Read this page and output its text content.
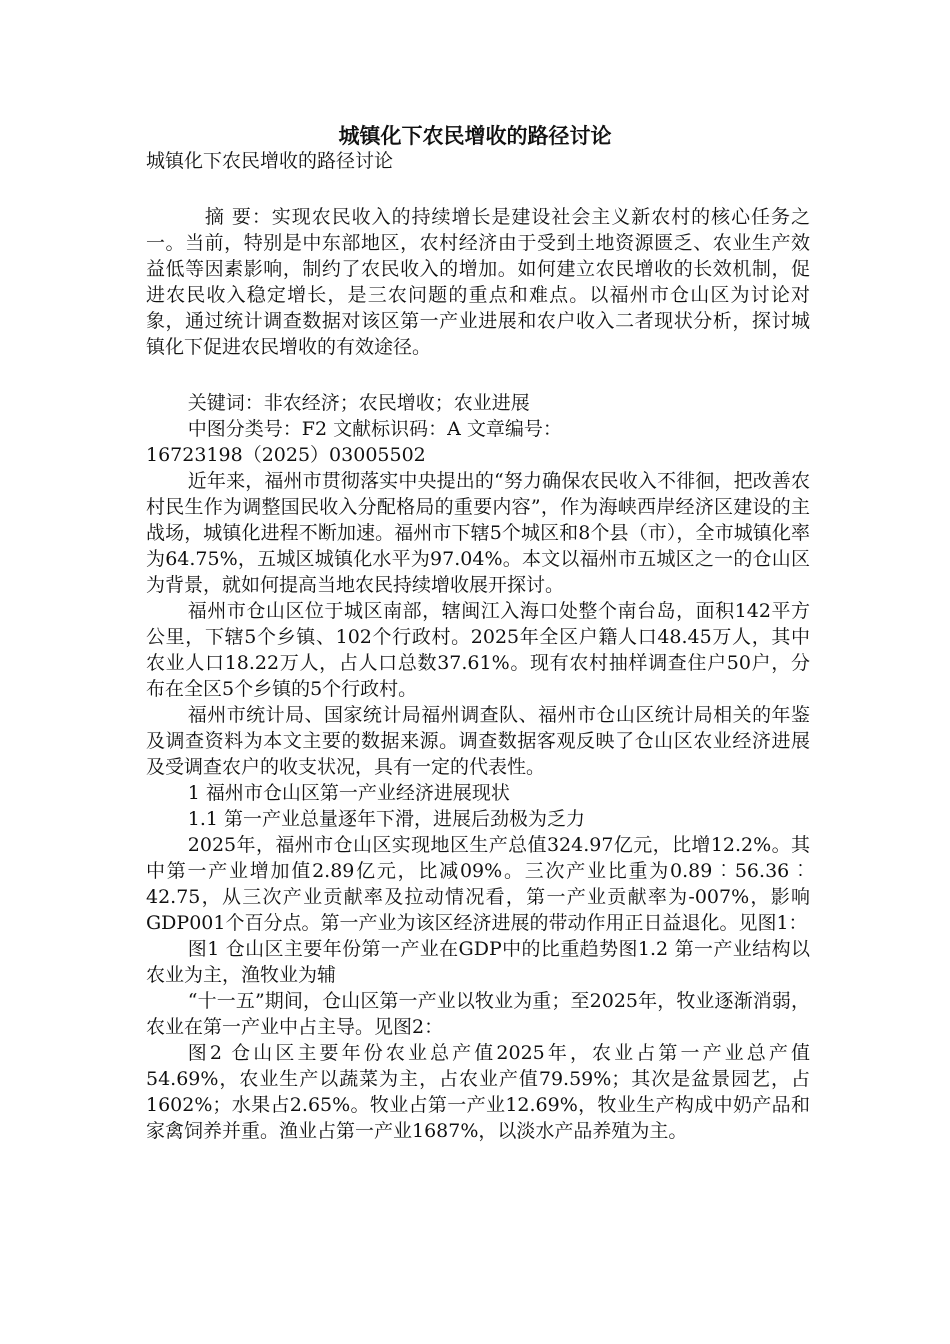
城镇化下农民增收的路径讨论

城镇化下农民增收的路径讨论

摘 要：实现农民收入的持续增长是建设社会主义新农村的核心任务之一。当前，特别是中东部地区，农村经济由于受到土地资源匮乏、农业生产效益低等因素影响，制约了农民收入的增加。如何建立农民增收的长效机制，促进农民收入稳定增长，是三农问题的重点和难点。以福州市仓山区为讨论对象，通过统计调查数据对该区第一产业进展和农户收入二者现状分析，探讨城镇化下促进农民增收的有效途径。

关键词：非农经济；农民增收；农业进展

中图分类号：F2 文献标识码：A 文章编号：

16723198（2025）03005502

近年来，福州市贯彻落实中央提出的“努力确保农民收入不徘徊，把改善农村民生作为调整国民收入分配格局的重要内容”，作为海峡西岸经济区建设的主战场，城镇化进程不断加速。福州市下辖5个城区和8个县（市），全市城镇化率为64.75%，五城区城镇化水平为97.04%。本文以福州市五城区之一的仓山区为背景，就如何提高当地农民持续增收展开探讨。

福州市仓山区位于城区南部，辖闽江入海口处整个南台岛，面积142平方公里，下辖5个乡镇、102个行政村。2025年全区户籍人口48.45万人，其中农业人口18.22万人，占人口总数37.61%。现有农村抽样调查住户50户，分布在全区5个乡镇的5个行政村。

福州市统计局、国家统计局福州调查队、福州市仓山区统计局相关的年鉴及调查资料为本文主要的数据来源。调查数据客观反映了仓山区农业经济进展及受调查农户的收支状况，具有一定的代表性。

1 福州市仓山区第一产业经济进展现状

1.1 第一产业总量逐年下滑，进展后劲极为乏力

2025年，福州市仓山区实现地区生产总值324.97亿元，比增12.2%。其中第一产业增加值2.89亿元，比减09%。三次产业比重为0.89︰56.36︰42.75，从三次产业贡献率及拉动情况看，第一产业贡献率为-007%，影响GDP001个百分点。第一产业为该区经济进展的带动作用正日益退化。见图1：

图1 仓山区主要年份第一产业在GDP中的比重趋势图1.2 第一产业结构以农业为主，渔牧业为辅

“十一五”期间，仓山区第一产业以牧业为重；至2025年，牧业逐渐消弱，农业在第一产业中占主导。见图2：

图2 仓山区主要年份农业总产值2025年，农业占第一产业总产值54.69%，农业生产以蔬菜为主，占农业产值79.59%；其次是盆景园艺，占1602%；水果占2.65%。牧业占第一产业12.69%，牧业生产构成中奶产品和家禽饲养并重。渔业占第一产业1687%，以淡水产品养殖为主。
